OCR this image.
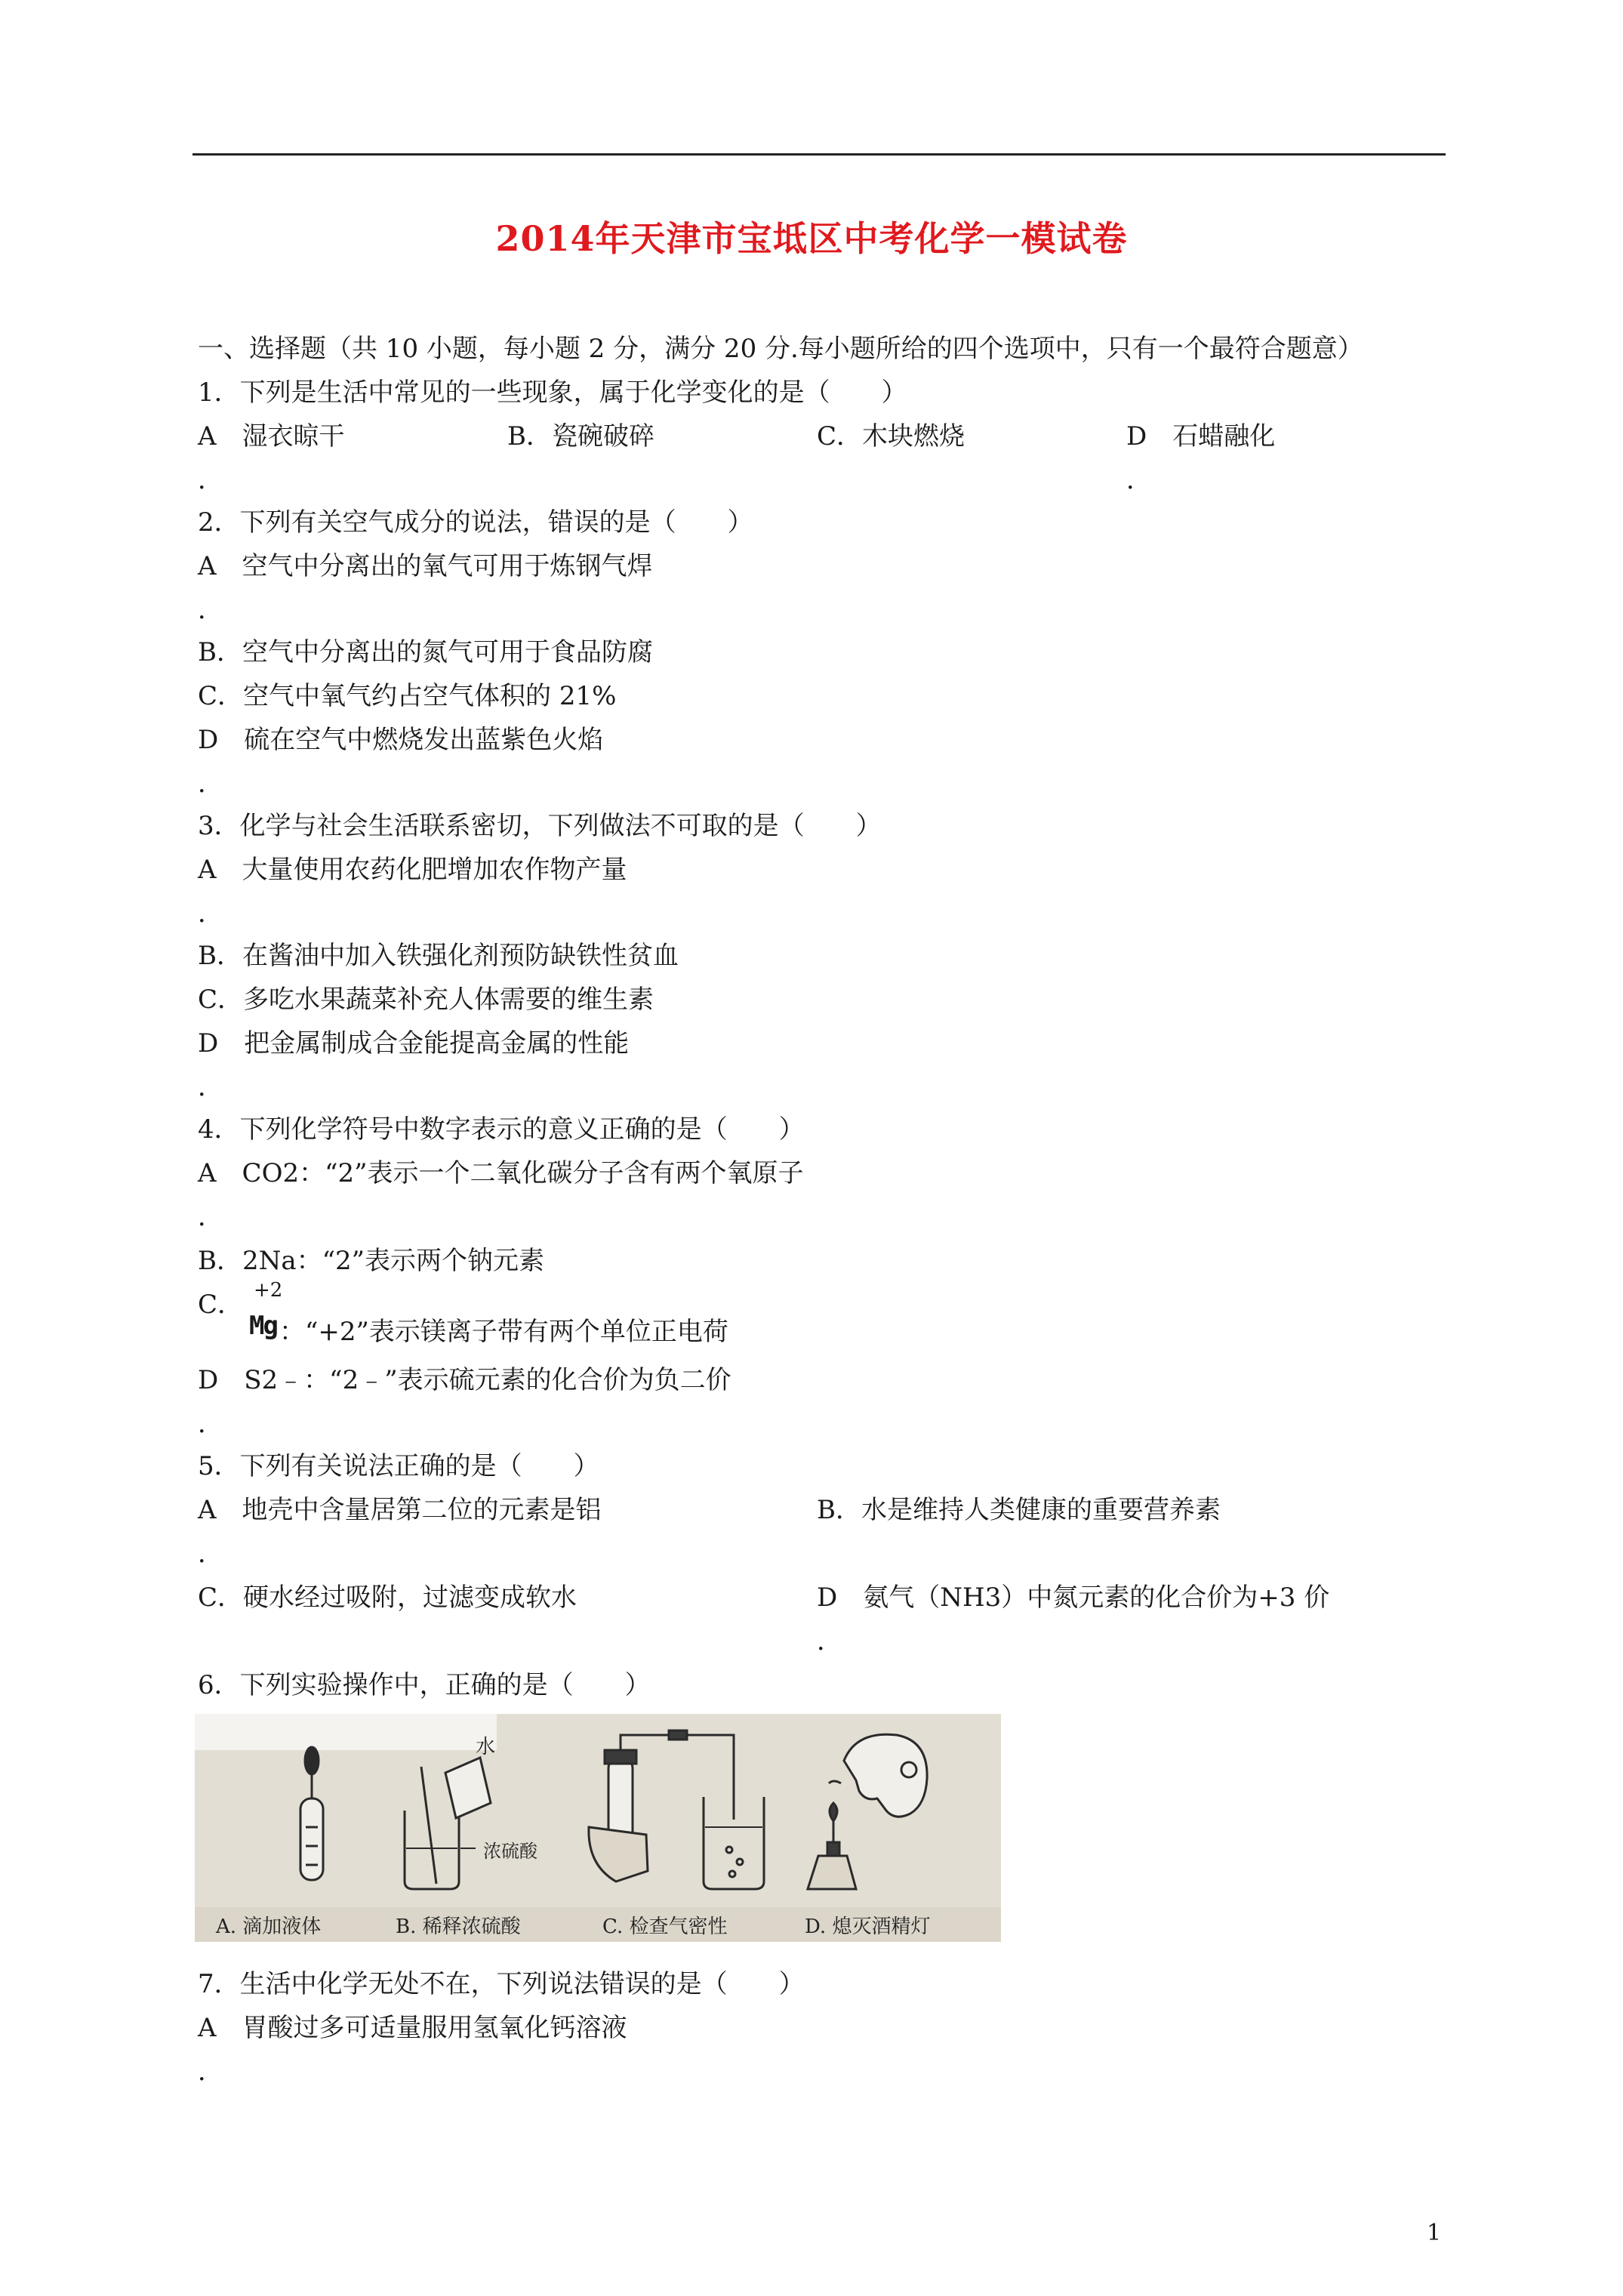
2014年天津市宝坻区中考化学一模试卷
一、选择题（共 10 小题，每小题 2 分，满分 20 分.每小题所给的四个选项中，只有一个最符合题意）
1．下列是生活中常见的一些现象，属于化学变化的是（　　）
A　湿衣晾干	B．瓷碗破碎	C．木块燃烧	D　石蜡融化
．	．
2．下列有关空气成分的说法，错误的是（　　）
A　空气中分离出的氧气可用于炼钢气焊
．
B．空气中分离出的氮气可用于食品防腐
C．空气中氧气约占空气体积的 21%
D　硫在空气中燃烧发出蓝紫色火焰
．
3．化学与社会生活联系密切，下列做法不可取的是（　　）
A　大量使用农药化肥增加农作物产量
．
B．在酱油中加入铁强化剂预防缺铁性贫血
C．多吃水果蔬菜补充人体需要的维生素
D　把金属制成合金能提高金属的性能
．
4．下列化学符号中数字表示的意义正确的是（　　）
A　CO2：“2”表示一个二氧化碳分子含有两个氧原子
．
B．2Na：“2”表示两个钠元素
C． +2
Mg ：“+2”表示镁离子带有两个单位正电荷
D　S2﹣：“2﹣”表示硫元素的化合价为负二价
．
5．下列有关说法正确的是（　　）
A　地壳中含量居第二位的元素是铝	B．水是维持人类健康的重要营养素
．
C．硬水经过吸附，过滤变成软水	D　氨气（NH3）中氮元素的化合价为+3 价
．
6．下列实验操作中，正确的是（　　）
水
浓硫酸
A. 滴加液体	B. 稀释浓硫酸	C. 检查气密性	D. 熄灭酒精灯
7．生活中化学无处不在，下列说法错误的是（　　）
A　胃酸过多可适量服用氢氧化钙溶液
．
1
